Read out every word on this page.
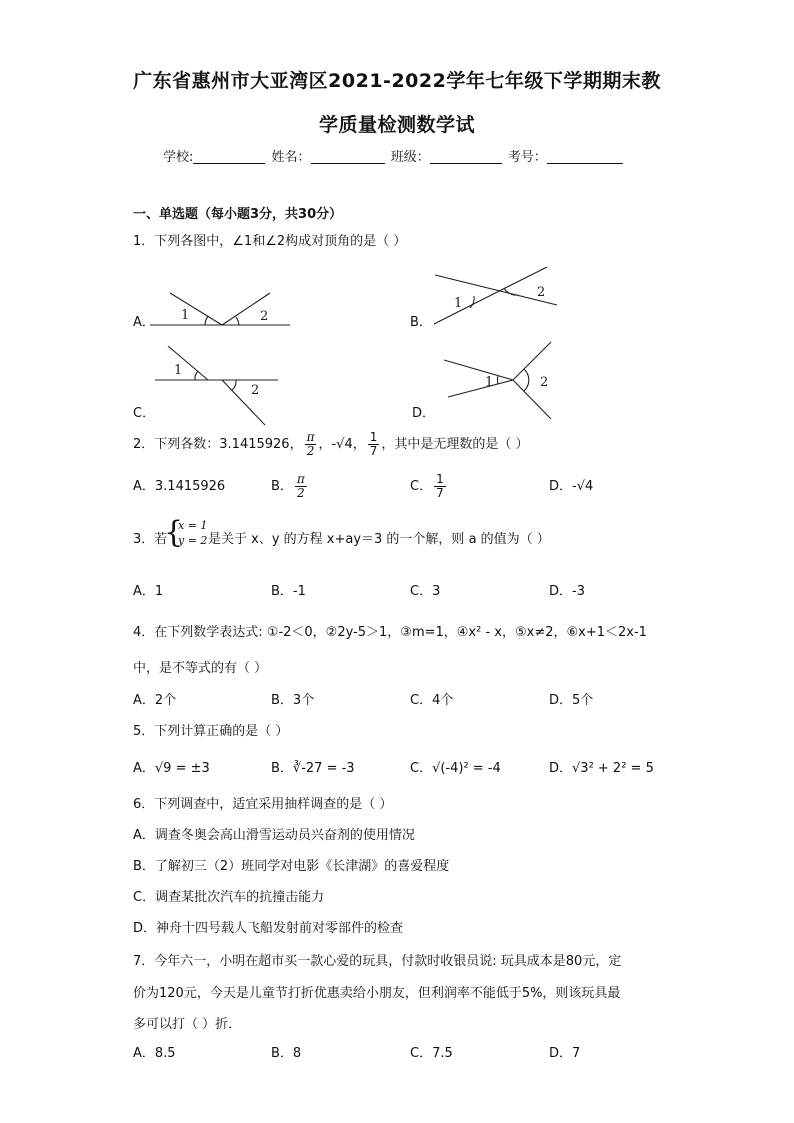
广东省惠州市大亚湾区2021-2022学年七年级下学期期末教
学质量检测数学试
学校:	姓名：	班级：	考号：
一、单选题（每小题3分，共30分）
1．下列各图中，∠1和∠2构成对顶角的是（ ）
A． 1	2	B．
1
2
C．
1
2
D．
1	2
2．下列各数：3.1415926， $\frac{\pi}{2}$ ，-√4， $\frac{1}{7}$ ，其中是无理数的是（ ）
A．3.1415926	B． $\frac{\pi}{2}$	C． $\frac{1}{7}$	D．-√4
3．若
{
x = 1
y = 2 是关于 x、y 的方程 x+ay＝3 的一个解，则 a 的值为（ ）
A．1	B．-1	C．3	D．-3
4．在下列数学表达式: ①-2＜0，②2y-5＞1，③m=1，④x² - x，⑤x≠2，⑥x+1＜2x-1
中，是不等式的有（ ）
A．2个	B．3个	C．4个	D．5个
5．下列计算正确的是（ ）
A．√9 = ±3	B．∛-27 = -3	C．√(-4)² = -4	D．√3² + 2² = 5
6．下列调查中，适宜采用抽样调查的是（ ）
A．调查冬奥会高山滑雪运动员兴奋剂的使用情况
B．了解初三（2）班同学对电影《长津湖》的喜爱程度
C．调查某批次汽车的抗撞击能力
D．神舟十四号载人飞船发射前对零部件的检查
7．今年六一，小明在超市买一款心爱的玩具，付款时收银员说: 玩具成本是80元，定
价为120元，今天是儿童节打折优惠卖给小朋友，但利润率不能低于5%，则该玩具最
多可以打（ ）折．
A．8.5	B．8	C．7.5	D．7
